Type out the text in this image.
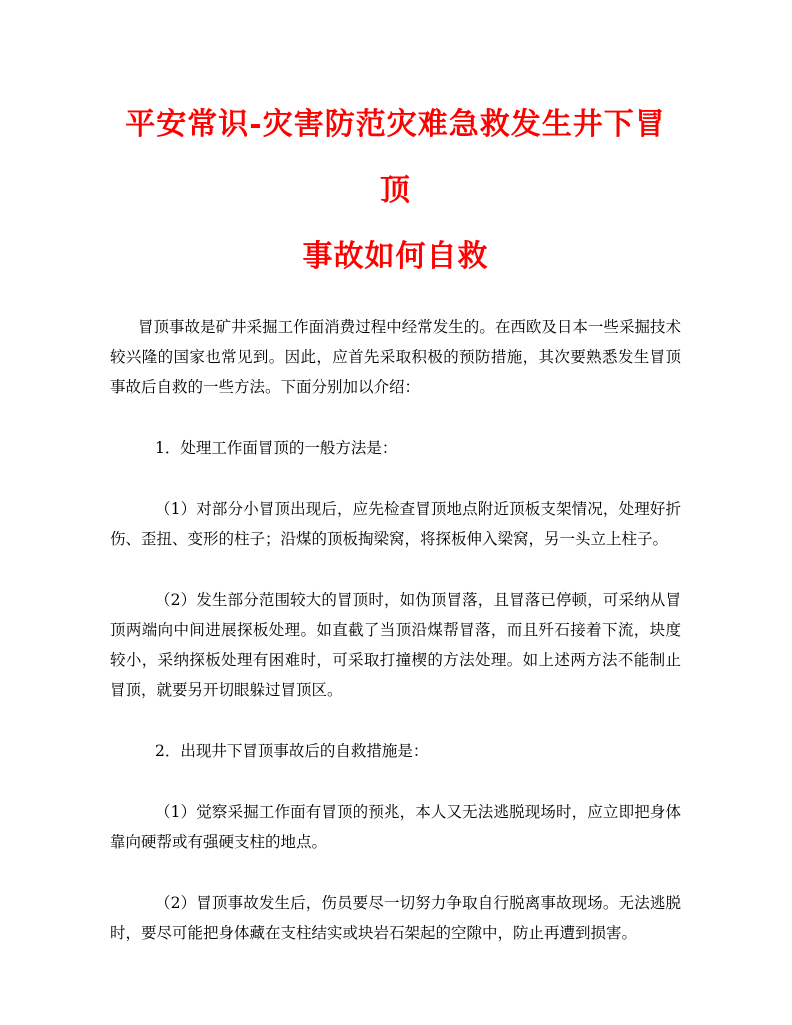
平安常识-灾害防范灾难急救发生井下冒顶
事故如何自救

冒顶事故是矿井采掘工作面消费过程中经常发生的。在西欧及日本一些采掘技术较兴隆的国家也常见到。因此，应首先采取积极的预防措施，其次要熟悉发生冒顶事故后自救的一些方法。下面分别加以介绍：

1．处理工作面冒顶的一般方法是：

（1）对部分小冒顶出现后，应先检查冒顶地点附近顶板支架情况，处理好折伤、歪扭、变形的柱子；沿煤的顶板掏梁窝，将探板伸入梁窝，另一头立上柱子。

（2）发生部分范围较大的冒顶时，如伪顶冒落，且冒落已停顿，可采纳从冒顶两端向中间进展探板处理。如直截了当顶沿煤帮冒落，而且歼石接着下流，块度较小，采纳探板处理有困难时，可采取打撞楔的方法处理。如上述两方法不能制止冒顶，就要另开切眼躲过冒顶区。

2．出现井下冒顶事故后的自救措施是：

（1）觉察采掘工作面有冒顶的预兆，本人又无法逃脱现场时，应立即把身体靠向硬帮或有强硬支柱的地点。

（2）冒顶事故发生后，伤员要尽一切努力争取自行脱离事故现场。无法逃脱时，要尽可能把身体藏在支柱结实或块岩石架起的空隙中，防止再遭到损害。
